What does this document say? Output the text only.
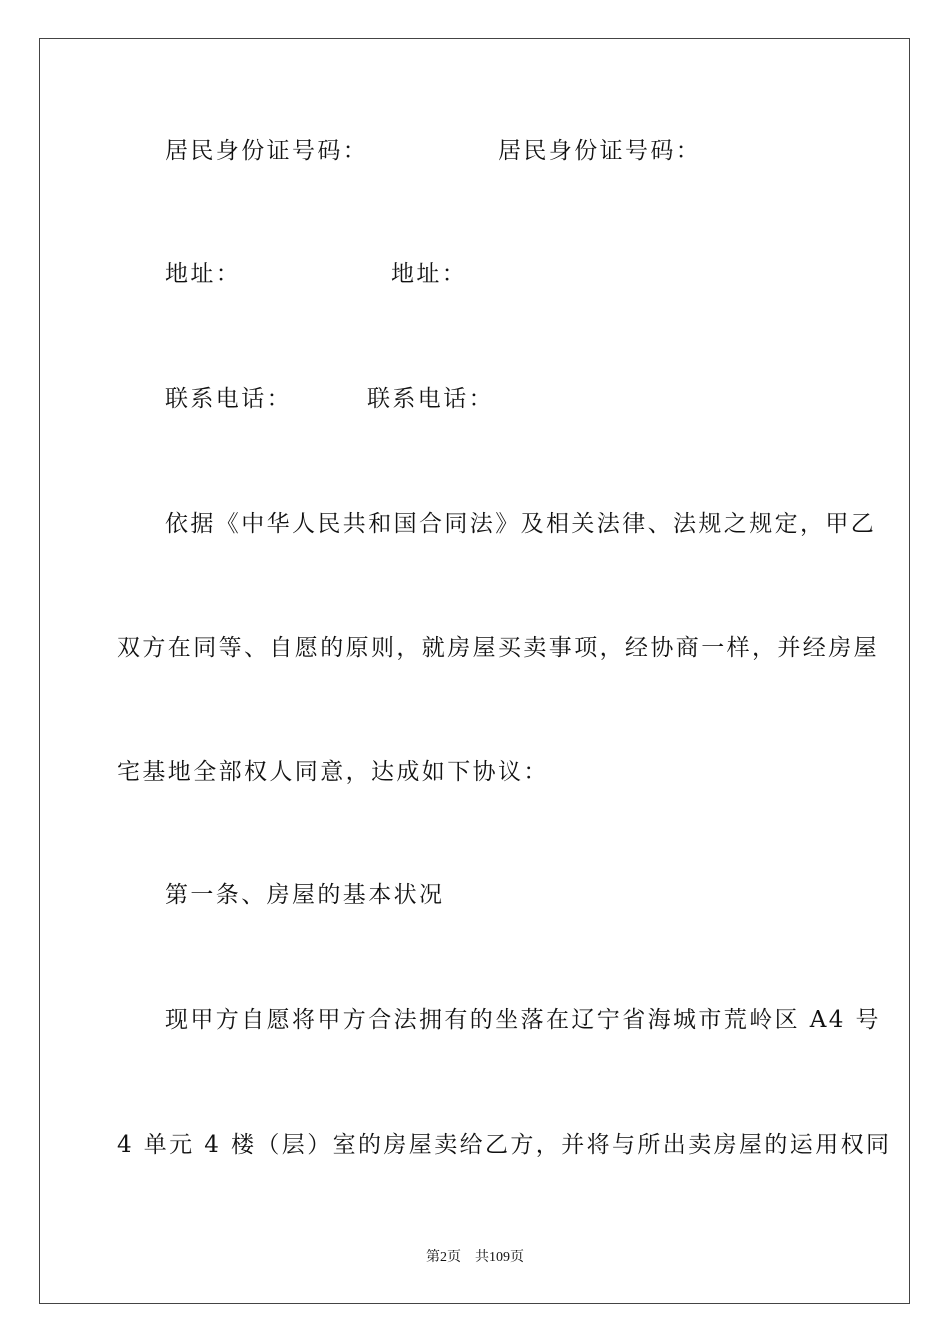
居民身份证号码：	居民身份证号码：
地址：	地址：
联系电话：	联系电话：
依据《中华人民共和国合同法》及相关法律、法规之规定，甲乙
双方在同等、自愿的原则，就房屋买卖事项，经协商一样，并经房屋
宅基地全部权人同意，达成如下协议：
第一条、房屋的基本状况
现甲方自愿将甲方合法拥有的坐落在辽宁省海城市荒岭区 A4 号
4 单元 4 楼（层）室的房屋卖给乙方，并将与所出卖房屋的运用权同
第2页 共109页
